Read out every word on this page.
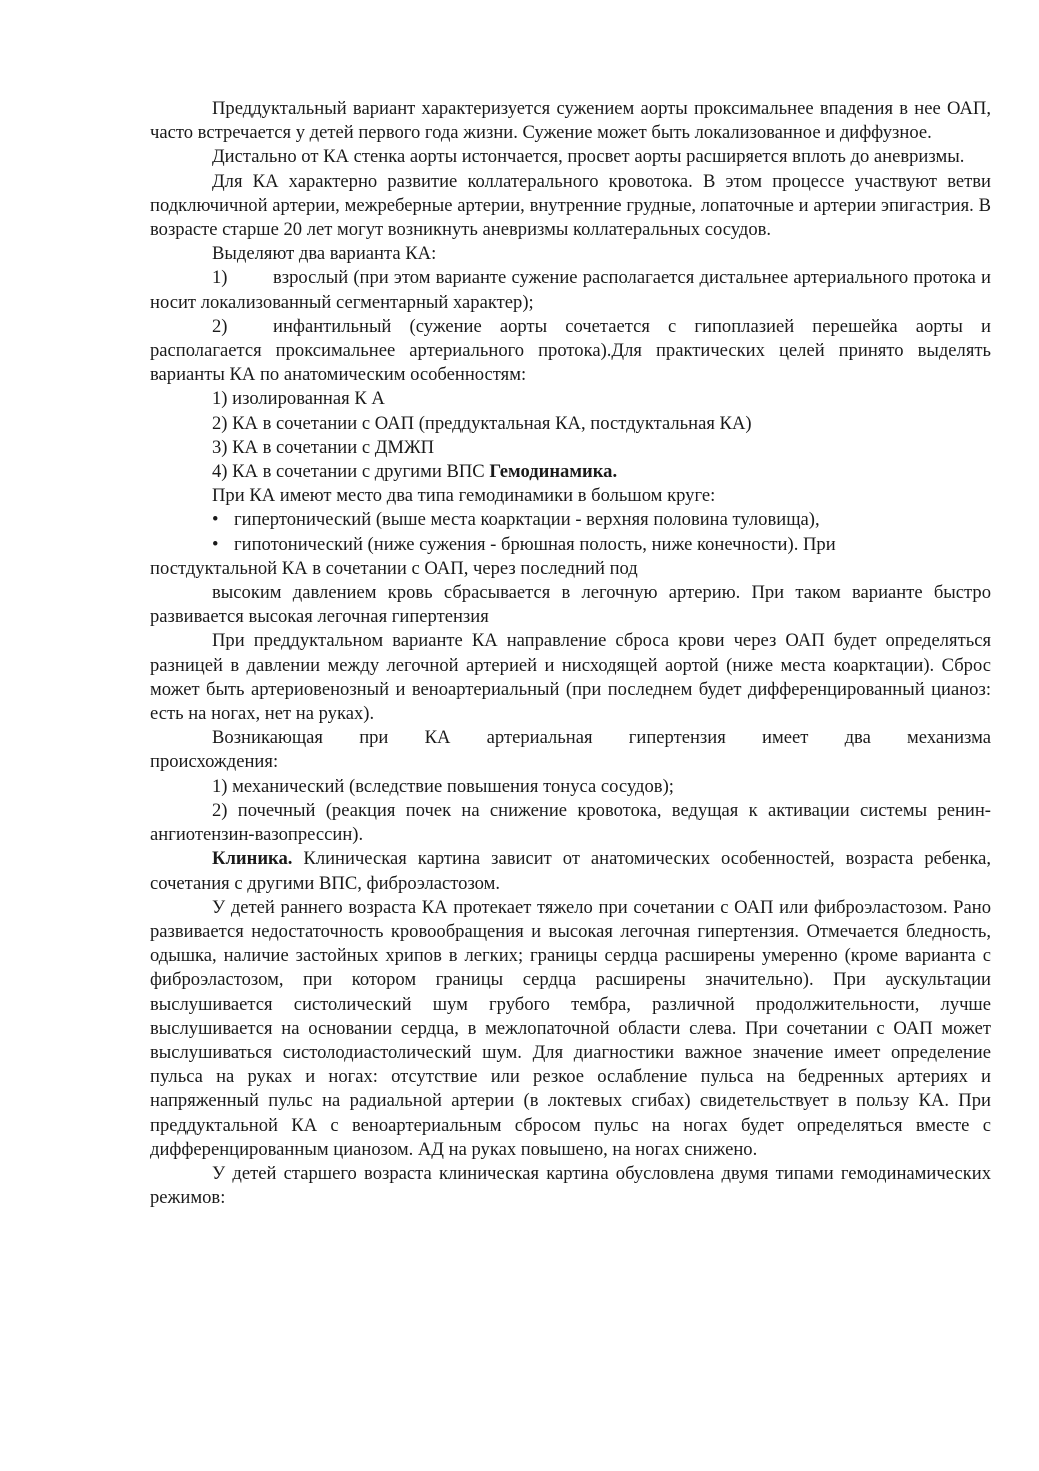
Преддуктальный вариант характеризуется сужением аорты проксимальнее впадения в нее ОАП, часто встречается у детей первого года жизни. Сужение может быть локализованное и диффузное.

Дистально от КА стенка аорты истончается, просвет аорты расширяется вплоть до аневризмы.

Для КА характерно развитие коллатерального кровотока. В этом процессе участвуют ветви подключичной артерии, межреберные артерии, внутренние грудные, лопаточные и артерии эпигастрия. В возрасте старше 20 лет могут возникнуть аневризмы коллатеральных сосудов.

Выделяют два варианта КА:

1) взрослый (при этом варианте сужение располагается дистальнее артериального протока и носит локализованный сегментарный характер);

2) инфантильный (сужение аорты сочетается с гипоплазией перешейка аорты и располагается проксимальнее артериального протока).Для практических целей принято выделять варианты КА по анатомическим особенностям:

1) изолированная К А

2) КА в сочетании с ОАП (преддуктальная КА, постдуктальная КА)

3) КА в сочетании с ДМЖП

4) КА в сочетании с другими ВПС Гемодинамика.

При КА имеют место два типа гемодинамики в большом круге:

• гипертонический (выше места коарктации - верхняя половина туловища),

• гипотонический (ниже сужения - брюшная полость, ниже конечности). При

постдуктальной КА в сочетании с ОАП, через последний под

высоким давлением кровь сбрасывается в легочную артерию. При таком варианте быстро развивается высокая легочная гипертензия

При преддуктальном варианте КА направление сброса крови через ОАП будет определяться разницей в давлении между легочной артерией и нисходящей аортой (ниже места коарктации). Сброс может быть артериовенозный и веноартериальный (при последнем будет дифференцированный цианоз: есть на ногах, нет на руках).

Возникающая при КА артериальная гипертензия имеет два механизма

происхождения:

1) механический (вследствие повышения тонуса сосудов);

2) почечный (реакция почек на снижение кровотока, ведущая к активации системы ренин-ангиотензин-вазопрессин).

Клиника. Клиническая картина зависит от анатомических особенностей, возраста ребенка, сочетания с другими ВПС, фиброэластозом.

У детей раннего возраста КА протекает тяжело при сочетании с ОАП или фиброэластозом. Рано развивается недостаточность кровообращения и высокая легочная гипертензия. Отмечается бледность, одышка, наличие застойных хрипов в легких; границы сердца расширены умеренно (кроме варианта с фиброэластозом, при котором границы сердца расширены значительно). При аускультации выслушивается систолический шум грубого тембра, различной продолжительности, лучше выслушивается на основании сердца, в межлопаточной области слева. При сочетании с ОАП может выслушиваться систолодиастолический шум. Для диагностики важное значение имеет определение пульса на руках и ногах: отсутствие или резкое ослабление пульса на бедренных артериях и напряженный пульс на радиальной артерии (в локтевых сгибах) свидетельствует в пользу КА. При преддуктальной КА с веноартериальным сбросом пульс на ногах будет определяться вместе с дифференцированным цианозом. АД на руках повышено, на ногах снижено.

У детей старшего возраста клиническая картина обусловлена двумя типами гемодинамических режимов:
